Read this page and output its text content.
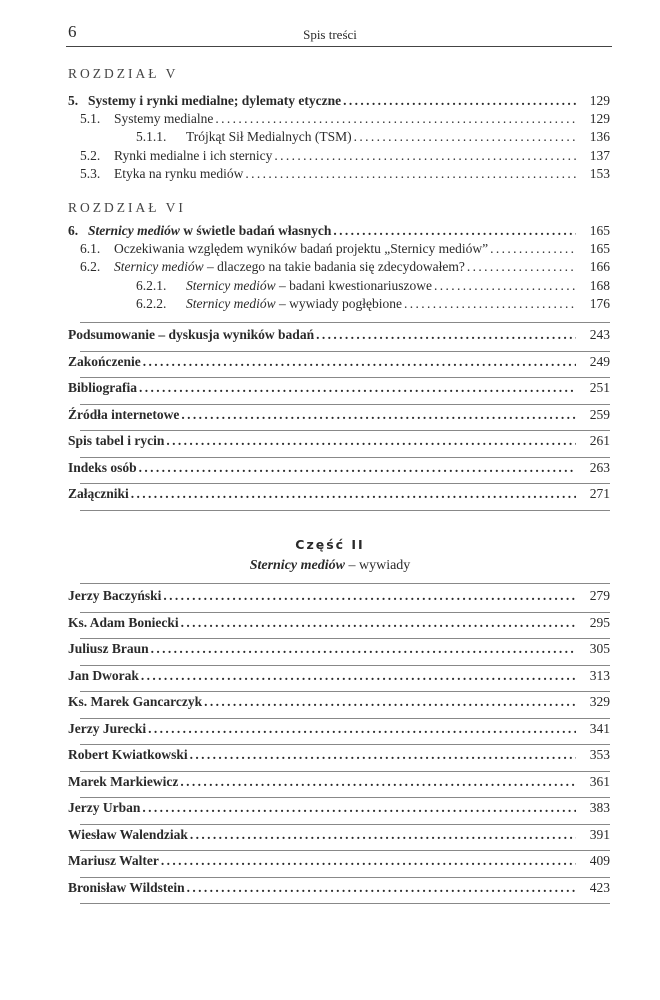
6	Spis treści
ROZDZIAŁ V
ROZDZIAŁ VI
Część II
Sternicy mediów – wywiady
5. Systemy i rynki medialne; dylematy etyczne . . .	129
5.1.	Systemy medialne . . .	129
5.1.1.	Trójkąt Sił Medialnych (TSM) . . .	136
5.2.	Rynki medialne i ich sternicy . . .	137
5.3.	Etyka na rynku mediów . . .	153
6. Sternicy mediów w świetle badań własnych . . .	165
6.1.	Oczekiwania względem wyników badań projektu „Sternicy mediów” . . .	165
6.2.	Sternicy mediów – dlaczego na takie badania się zdecydowałem? . . .	166
6.2.1.	Sternicy mediów – badani kwestionariuszowe . . .	168
6.2.2.	Sternicy mediów – wywiady pogłębione . . .	176
Podsumowanie – dyskusja wyników badań . . .	243
Zakończenie . . .	249
Bibliografia . . .	251
Źródła internetowe . . .	259
Spis tabel i rycin . . .	261
Indeks osób . . .	263
Załączniki . . .	271
Jerzy Baczyński . . .	279
Ks. Adam Boniecki . . .	295
Juliusz Braun . . .	305
Jan Dworak . . .	313
Ks. Marek Gancarczyk . . .	329
Jerzy Jurecki . . .	341
Robert Kwiatkowski . . .	353
Marek Markiewicz . . .	361
Jerzy Urban . . .	383
Wiesław Walendziak . . .	391
Mariusz Walter . . .	409
Bronisław Wildstein . . .	423
